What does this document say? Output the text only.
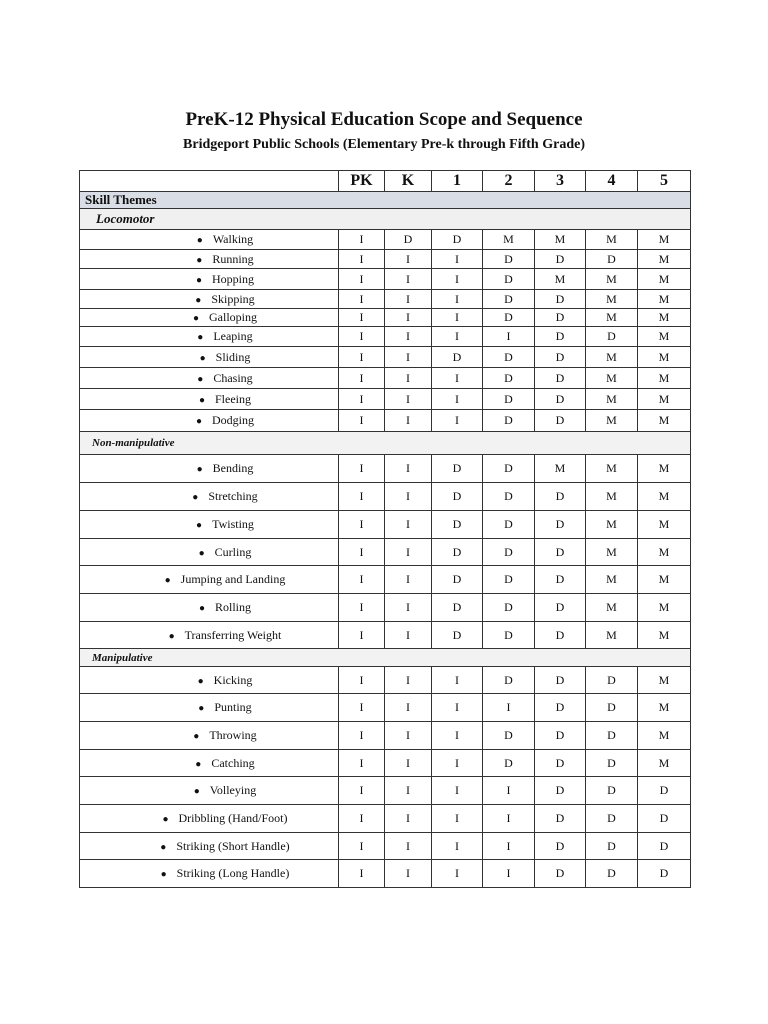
PreK-12 Physical Education Scope and Sequence
Bridgeport Public Schools (Elementary Pre-k through Fifth Grade)
	PK	K	1	2	3	4	5
Skill Themes							
Locomotor							
● Walking	I	D	D	M	M	M	M
● Running	I	I	I	D	D	D	M
● Hopping	I	I	I	D	M	M	M
● Skipping	I	I	I	D	D	M	M
● Galloping	I	I	I	D	D	M	M
● Leaping	I	I	I	I	D	D	M
● Sliding	I	I	D	D	D	M	M
● Chasing	I	I	I	D	D	M	M
● Fleeing	I	I	I	D	D	M	M
● Dodging	I	I	I	D	D	M	M
Non-manipulative							
● Bending	I	I	D	D	M	M	M
● Stretching	I	I	D	D	D	M	M
● Twisting	I	I	D	D	D	M	M
● Curling	I	I	D	D	D	M	M
● Jumping and Landing	I	I	D	D	D	M	M
● Rolling	I	I	D	D	D	M	M
● Transferring Weight	I	I	D	D	D	M	M
Manipulative							
● Kicking	I	I	I	D	D	D	M
● Punting	I	I	I	I	D	D	M
● Throwing	I	I	I	D	D	D	M
● Catching	I	I	I	D	D	D	M
● Volleying	I	I	I	I	D	D	D
● Dribbling (Hand/Foot)	I	I	I	I	D	D	D
● Striking (Short Handle)	I	I	I	I	D	D	D
● Striking (Long Handle)	I	I	I	I	D	D	D
